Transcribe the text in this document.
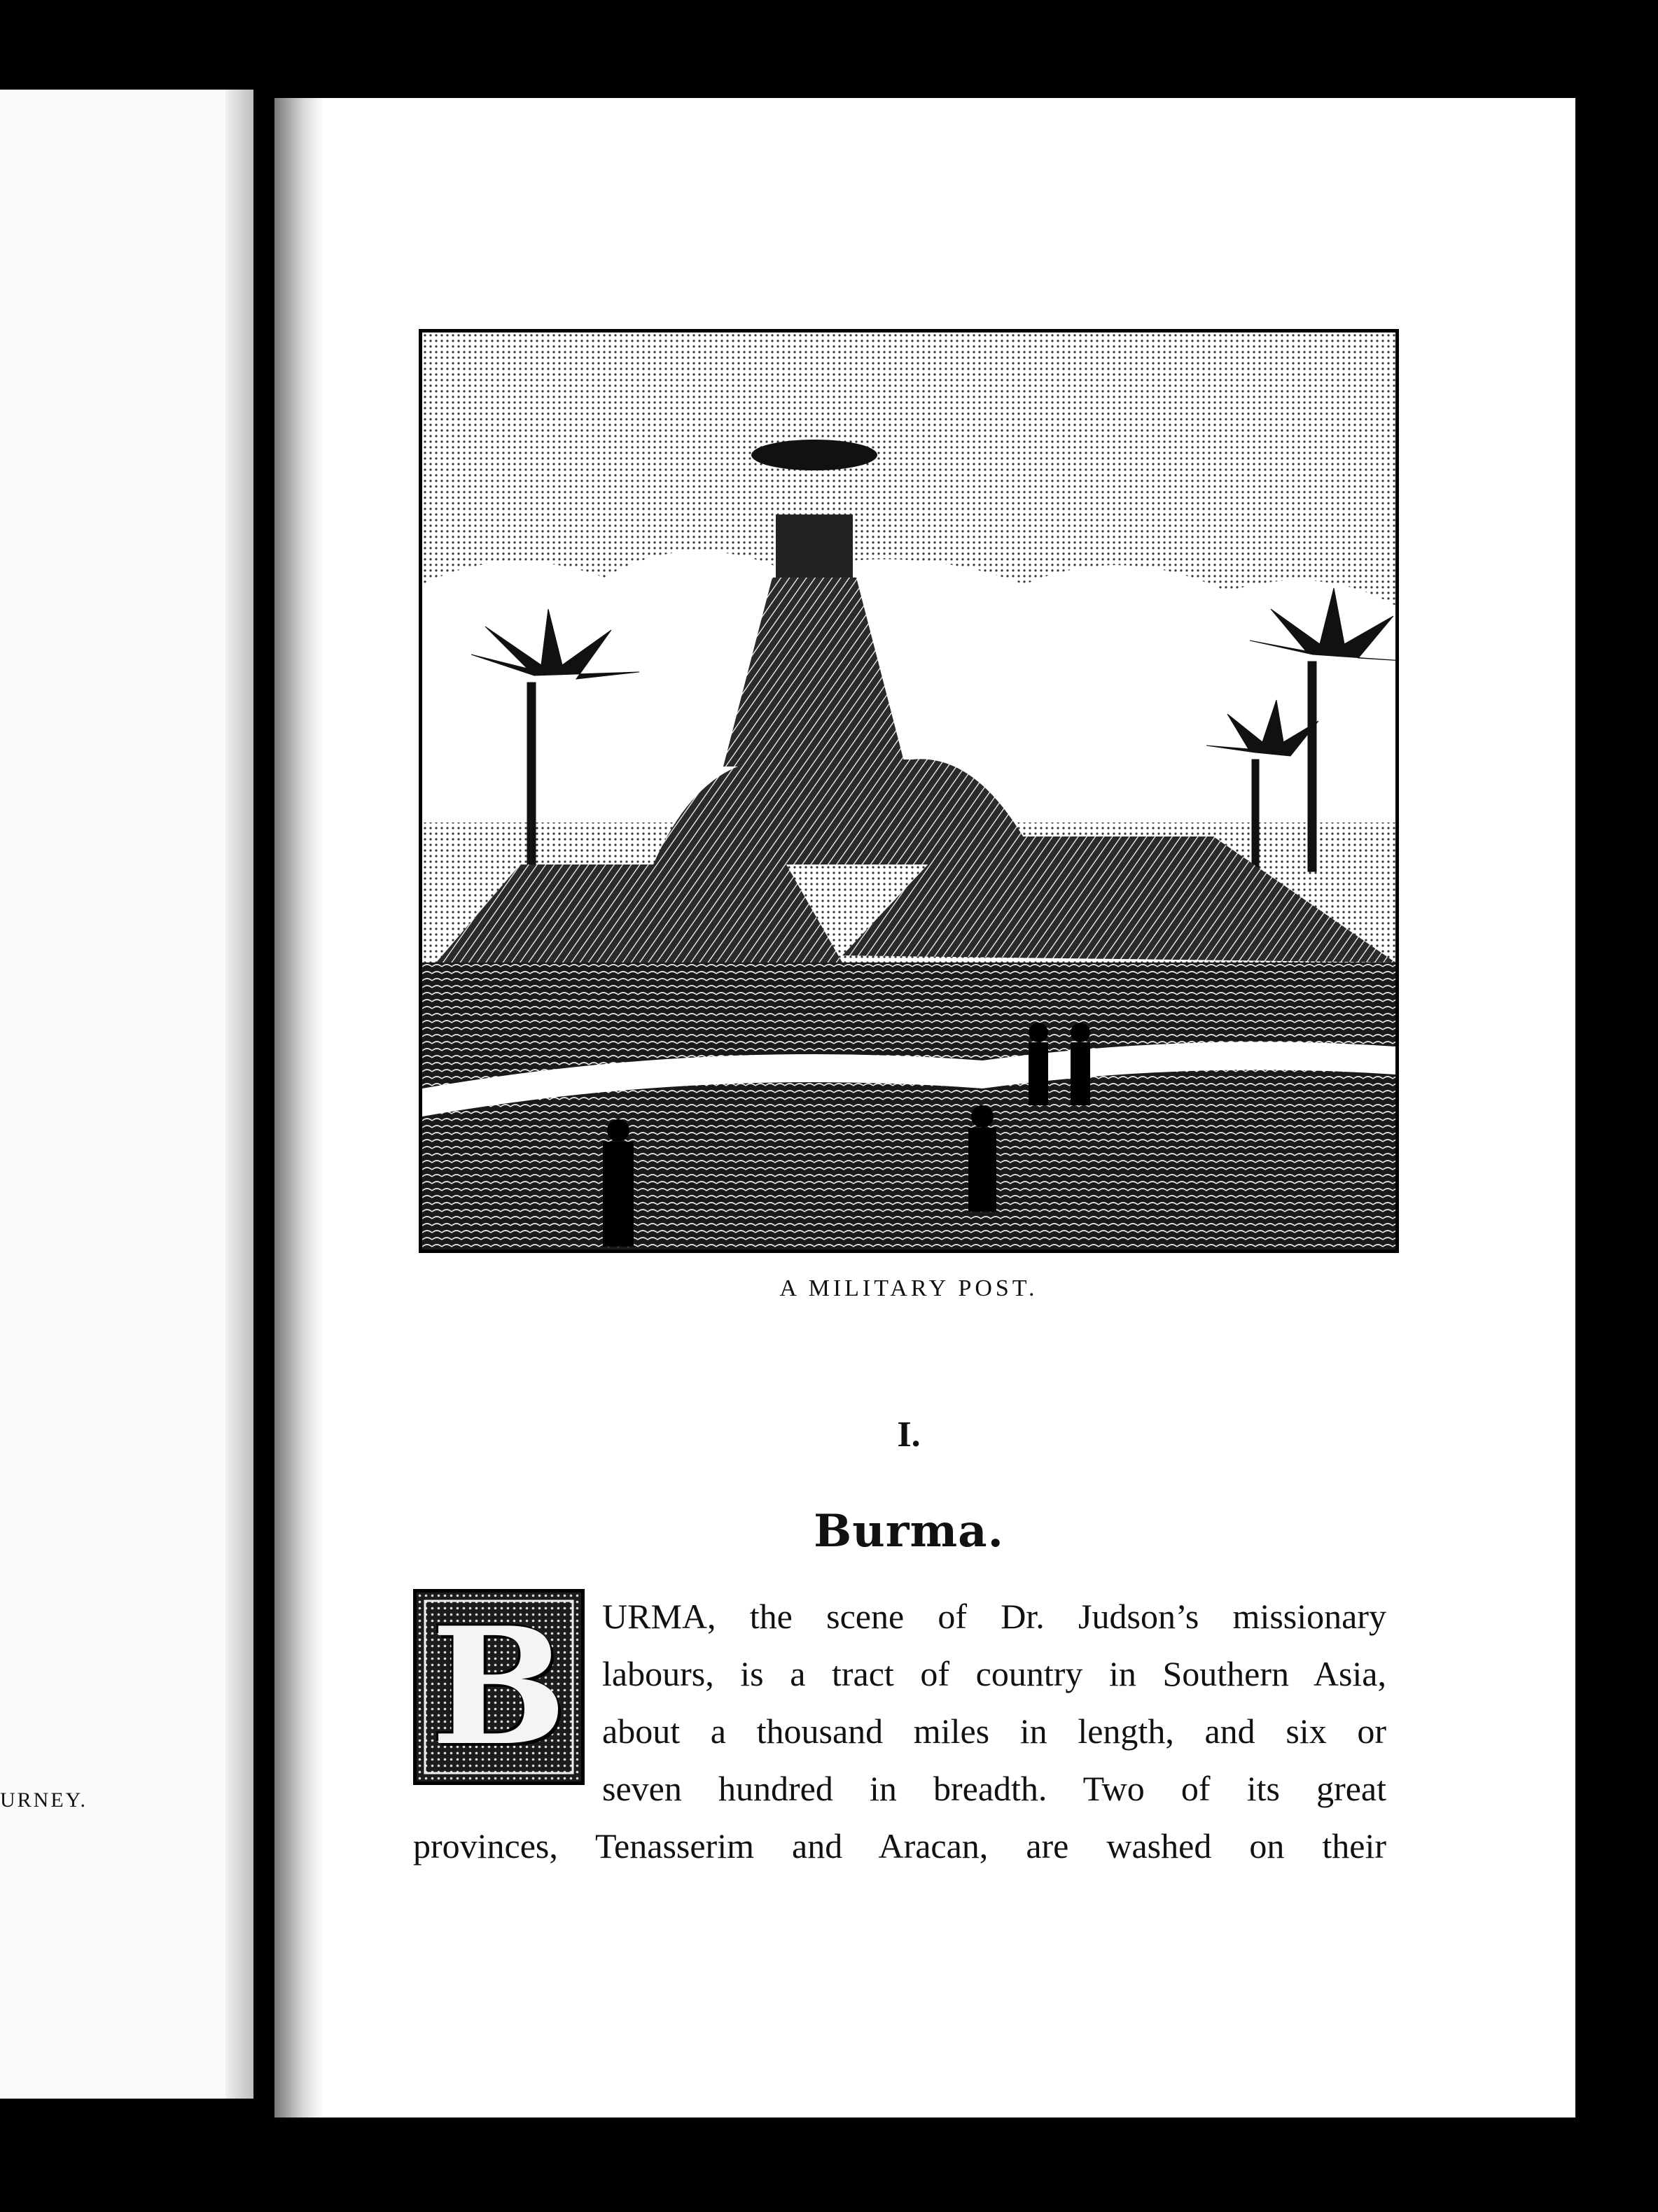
URNEY.
A MILITARY POST.
I.
Burma.
B	URMA, the scene of Dr. Judson’s missionary
labours, is a tract of country in Southern Asia,
about a thousand miles in length, and six or
seven hundred in breadth. Two of its great
provinces, Tenasserim and Aracan, are washed on their
